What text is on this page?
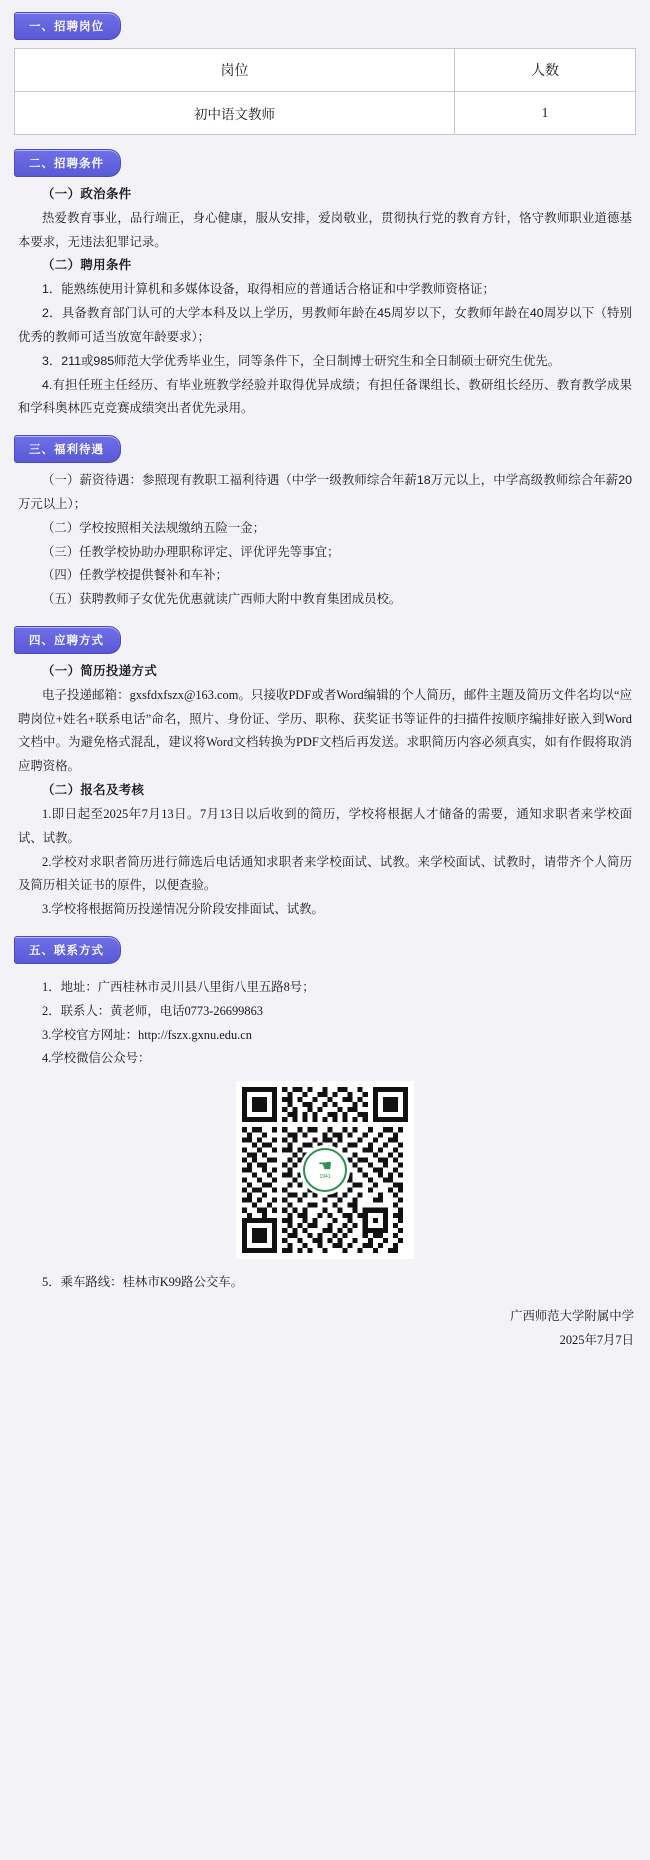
一、招聘岗位
岗位	人数
初中语文教师	1
二、招聘条件

（一）政治条件

热爱教育事业，品行端正，身心健康，服从安排，爱岗敬业，贯彻执行党的教育方针，恪守教师职业道德基本要求，无违法犯罪记录。

（二）聘用条件

1．能熟练使用计算机和多媒体设备，取得相应的普通话合格证和中学教师资格证；

2．具备教育部门认可的大学本科及以上学历，男教师年龄在45周岁以下，女教师年龄在40周岁以下（特别优秀的教师可适当放宽年龄要求）；

3．211或985师范大学优秀毕业生，同等条件下，全日制博士研究生和全日制硕士研究生优先。

4.有担任班主任经历、有毕业班教学经验并取得优异成绩；有担任备课组长、教研组长经历、教育教学成果和学科奥林匹克竞赛成绩突出者优先录用。

三、福利待遇

（一）薪资待遇：参照现有教职工福利待遇（中学一级教师综合年薪18万元以上，中学高级教师综合年薪20万元以上）；

（二）学校按照相关法规缴纳五险一金；

（三）任教学校协助办理职称评定、评优评先等事宜；

（四）任教学校提供餐补和车补；

（五）获聘教师子女优先优惠就读广西师大附中教育集团成员校。

四、应聘方式

（一）简历投递方式

电子投递邮箱：gxsfdxfszx@163.com。只接收PDF或者Word编辑的个人简历，邮件主题及简历文件名均以“应聘岗位+姓名+联系电话”命名，照片、身份证、学历、职称、获奖证书等证件的扫描件按顺序编排好嵌入到Word文档中。为避免格式混乱，建议将Word文档转换为PDF文档后再发送。求职简历内容必须真实，如有作假将取消应聘资格。

（二）报名及考核

1.即日起至2025年7月13日。7月13日以后收到的简历，学校将根据人才储备的需要，通知求职者来学校面试、试教。

2.学校对求职者简历进行筛选后电话通知求职者来学校面试、试教。来学校面试、试教时，请带齐个人简历及简历相关证书的原件，以便查验。

3.学校将根据简历投递情况分阶段安排面试、试教。

五、联系方式

1．地址：广西桂林市灵川县八里街八里五路8号；

2．联系人：黄老师，电话0773-26699863

3.学校官方网址：http://fszx.gxnu.edu.cn

4.学校微信公众号：

☚
1941

5．乘车路线：桂林市K99路公交车。

广西师范大学附属中学
2025年7月7日
